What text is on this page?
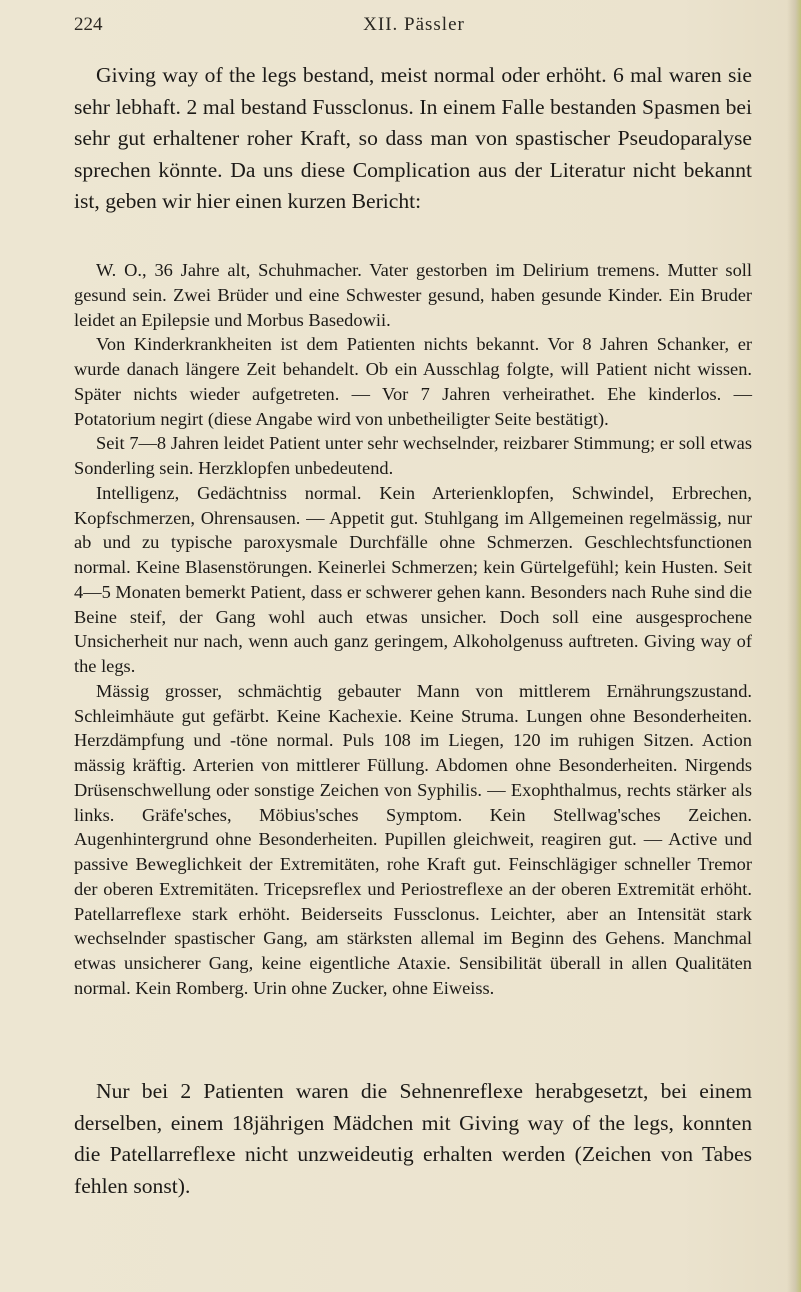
224	XII. Pässler

Giving way of the legs bestand, meist normal oder erhöht. 6 mal waren sie sehr lebhaft. 2 mal bestand Fussclonus. In einem Falle bestanden Spasmen bei sehr gut erhaltener roher Kraft, so dass man von spastischer Pseudoparalyse sprechen könnte. Da uns diese Complication aus der Literatur nicht bekannt ist, geben wir hier einen kurzen Bericht:

W. O., 36 Jahre alt, Schuhmacher. Vater gestorben im Delirium tremens. Mutter soll gesund sein. Zwei Brüder und eine Schwester gesund, haben gesunde Kinder. Ein Bruder leidet an Epilepsie und Morbus Basedowii.

Von Kinderkrankheiten ist dem Patienten nichts bekannt. Vor 8 Jahren Schanker, er wurde danach längere Zeit behandelt. Ob ein Ausschlag folgte, will Patient nicht wissen. Später nichts wieder aufgetreten. — Vor 7 Jahren verheirathet. Ehe kinderlos. — Potatorium negirt (diese Angabe wird von unbetheiligter Seite bestätigt).

Seit 7—8 Jahren leidet Patient unter sehr wechselnder, reizbarer Stimmung; er soll etwas Sonderling sein. Herzklopfen unbedeutend.

Intelligenz, Gedächtniss normal. Kein Arterienklopfen, Schwindel, Erbrechen, Kopfschmerzen, Ohrensausen. — Appetit gut. Stuhlgang im Allgemeinen regelmässig, nur ab und zu typische paroxysmale Durchfälle ohne Schmerzen. Geschlechtsfunctionen normal. Keine Blasenstörungen. Keinerlei Schmerzen; kein Gürtelgefühl; kein Husten. Seit 4—5 Monaten bemerkt Patient, dass er schwerer gehen kann. Besonders nach Ruhe sind die Beine steif, der Gang wohl auch etwas unsicher. Doch soll eine ausgesprochene Unsicherheit nur nach, wenn auch ganz geringem, Alkoholgenuss auftreten. Giving way of the legs.

Mässig grosser, schmächtig gebauter Mann von mittlerem Ernährungszustand. Schleimhäute gut gefärbt. Keine Kachexie. Keine Struma. Lungen ohne Besonderheiten. Herzdämpfung und -töne normal. Puls 108 im Liegen, 120 im ruhigen Sitzen. Action mässig kräftig. Arterien von mittlerer Füllung. Abdomen ohne Besonderheiten. Nirgends Drüsenschwellung oder sonstige Zeichen von Syphilis. — Exophthalmus, rechts stärker als links. Gräfe'sches, Möbius'sches Symptom. Kein Stellwag'sches Zeichen. Augenhintergrund ohne Besonderheiten. Pupillen gleichweit, reagiren gut. — Active und passive Beweglichkeit der Extremitäten, rohe Kraft gut. Feinschlägiger schneller Tremor der oberen Extremitäten. Tricepsreflex und Periostreflexe an der oberen Extremität erhöht. Patellarreflexe stark erhöht. Beiderseits Fussclonus. Leichter, aber an Intensität stark wechselnder spastischer Gang, am stärksten allemal im Beginn des Gehens. Manchmal etwas unsicherer Gang, keine eigentliche Ataxie. Sensibilität überall in allen Qualitäten normal. Kein Romberg. Urin ohne Zucker, ohne Eiweiss.

Nur bei 2 Patienten waren die Sehnenreflexe herabgesetzt, bei einem derselben, einem 18jährigen Mädchen mit Giving way of the legs, konnten die Patellarreflexe nicht unzweideutig erhalten werden (Zeichen von Tabes fehlen sonst).
